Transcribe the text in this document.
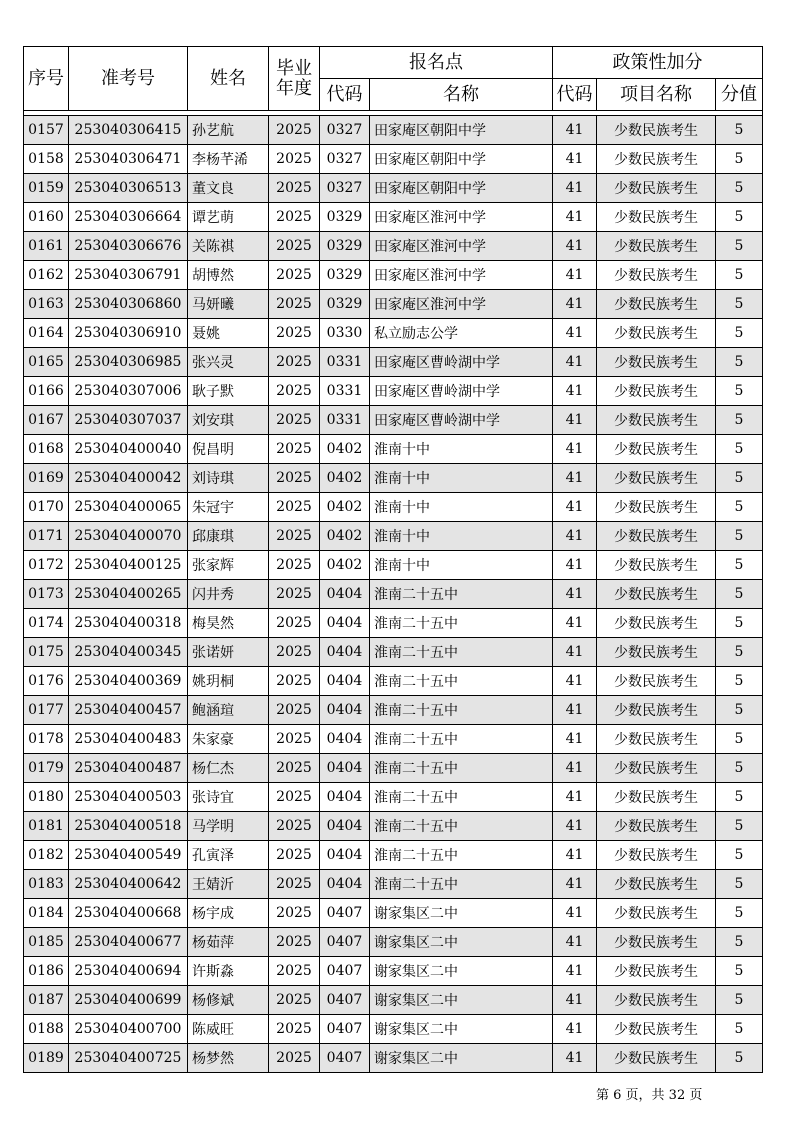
序号	准考号	姓名	毕业年度	报名点		政策性加分		
				代码	名称	代码	项目名称	分值

0157	253040306415	孙艺航	2025	0327	田家庵区朝阳中学	41	少数民族考生	5
0158	253040306471	李杨芊浠	2025	0327	田家庵区朝阳中学	41	少数民族考生	5
0159	253040306513	董文良	2025	0327	田家庵区朝阳中学	41	少数民族考生	5
0160	253040306664	谭艺萌	2025	0329	田家庵区淮河中学	41	少数民族考生	5
0161	253040306676	关陈祺	2025	0329	田家庵区淮河中学	41	少数民族考生	5
0162	253040306791	胡博然	2025	0329	田家庵区淮河中学	41	少数民族考生	5
0163	253040306860	马妍曦	2025	0329	田家庵区淮河中学	41	少数民族考生	5
0164	253040306910	聂姚	2025	0330	私立励志公学	41	少数民族考生	5
0165	253040306985	张兴灵	2025	0331	田家庵区曹岭湖中学	41	少数民族考生	5
0166	253040307006	耿子默	2025	0331	田家庵区曹岭湖中学	41	少数民族考生	5
0167	253040307037	刘安琪	2025	0331	田家庵区曹岭湖中学	41	少数民族考生	5
0168	253040400040	倪昌明	2025	0402	淮南十中	41	少数民族考生	5
0169	253040400042	刘诗琪	2025	0402	淮南十中	41	少数民族考生	5
0170	253040400065	朱冠宇	2025	0402	淮南十中	41	少数民族考生	5
0171	253040400070	邱康琪	2025	0402	淮南十中	41	少数民族考生	5
0172	253040400125	张家辉	2025	0402	淮南十中	41	少数民族考生	5
0173	253040400265	闪井秀	2025	0404	淮南二十五中	41	少数民族考生	5
0174	253040400318	梅昊然	2025	0404	淮南二十五中	41	少数民族考生	5
0175	253040400345	张诺妍	2025	0404	淮南二十五中	41	少数民族考生	5
0176	253040400369	姚玥桐	2025	0404	淮南二十五中	41	少数民族考生	5
0177	253040400457	鲍涵瑄	2025	0404	淮南二十五中	41	少数民族考生	5
0178	253040400483	朱家豪	2025	0404	淮南二十五中	41	少数民族考生	5
0179	253040400487	杨仁杰	2025	0404	淮南二十五中	41	少数民族考生	5
0180	253040400503	张诗宜	2025	0404	淮南二十五中	41	少数民族考生	5
0181	253040400518	马学明	2025	0404	淮南二十五中	41	少数民族考生	5
0182	253040400549	孔寅泽	2025	0404	淮南二十五中	41	少数民族考生	5
0183	253040400642	王婧沂	2025	0404	淮南二十五中	41	少数民族考生	5
0184	253040400668	杨宇成	2025	0407	谢家集区二中	41	少数民族考生	5
0185	253040400677	杨茹萍	2025	0407	谢家集区二中	41	少数民族考生	5
0186	253040400694	许斯淼	2025	0407	谢家集区二中	41	少数民族考生	5
0187	253040400699	杨修斌	2025	0407	谢家集区二中	41	少数民族考生	5
0188	253040400700	陈威旺	2025	0407	谢家集区二中	41	少数民族考生	5
0189	253040400725	杨梦然	2025	0407	谢家集区二中	41	少数民族考生	5
第 6 页，共 32 页
